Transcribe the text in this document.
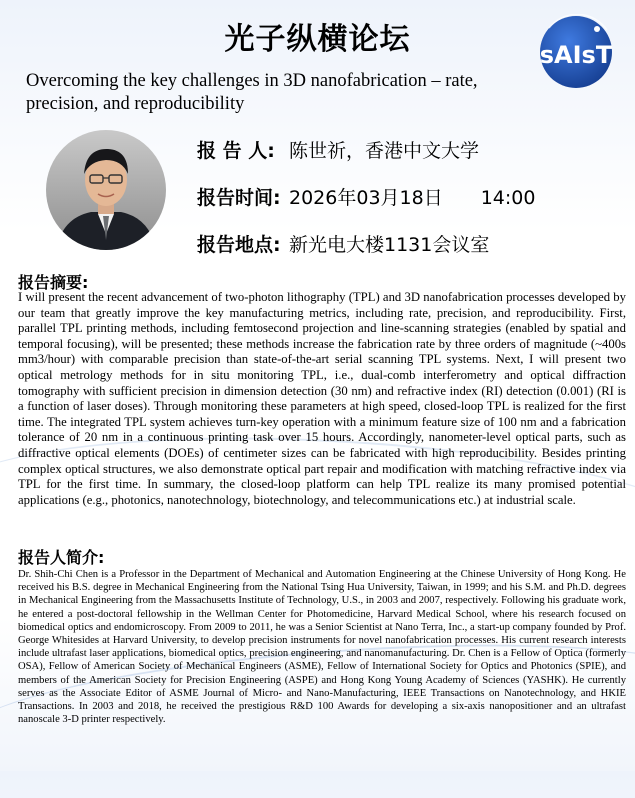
光子纵横论坛	sAIsT
Overcoming the key challenges in 3D nanofabrication – rate, precision, and reproducibility
报 告 人: 陈世祈，香港中文大学
报告时间: 2026年03月18日　　14:00
报告地点: 新光电大楼1131会议室
报告摘要:
I will present the recent advancement of two-photon lithography (TPL) and 3D nanofabrication processes developed by our team that greatly improve the key manufacturing metrics, including rate, precision, and reproducibility. First, parallel TPL printing methods, including femtosecond projection and line-scanning strategies (enabled by spatial and temporal focusing), will be presented; these methods increase the fabrication rate by three orders of magnitude (~400s mm3/hour) with comparable precision than state-of-the-art serial scanning TPL systems. Next, I will present two optical metrology methods for in situ monitoring TPL, i.e., dual-comb interferometry and optical diffraction tomography with sufficient precision in dimension detection (30 nm) and refractive index (RI) detection (0.001) (RI is a function of laser doses). Through monitoring these parameters at high speed, closed-loop TPL is realized for the first time. The integrated TPL system achieves turn-key operation with a minimum feature size of 100 nm and a fabrication tolerance of 20 nm in a continuous printing task over 15 hours. Accordingly, nanometer-level optical parts, such as diffractive optical elements (DOEs) of centimeter sizes can be fabricated with high reproducibility. Besides printing complex optical structures, we also demonstrate optical part repair and modification with matching refractive index via TPL for the first time. In summary, the closed-loop platform can help TPL realize its many promised potential applications (e.g., photonics, nanotechnology, biotechnology, and telecommunications etc.) at industrial scale.
报告人简介:
Dr. Shih-Chi Chen is a Professor in the Department of Mechanical and Automation Engineering at the Chinese University of Hong Kong. He received his B.S. degree in Mechanical Engineering from the National Tsing Hua University, Taiwan, in 1999; and his S.M. and Ph.D. degrees in Mechanical Engineering from the Massachusetts Institute of Technology, U.S., in 2003 and 2007, respectively. Following his graduate work, he entered a post-doctoral fellowship in the Wellman Center for Photomedicine, Harvard Medical School, where his research focused on biomedical optics and endomicroscopy. From 2009 to 2011, he was a Senior Scientist at Nano Terra, Inc., a start-up company founded by Prof. George Whitesides at Harvard University, to develop precision instruments for novel nanofabrication processes. His current research interests include ultrafast laser applications, biomedical optics, precision engineering, and nanomanufacturing. Dr. Chen is a Fellow of Optica (formerly OSA), Fellow of American Society of Mechanical Engineers (ASME), Fellow of International Society for Optics and Photonics (SPIE), and members of the American Society for Precision Engineering (ASPE) and Hong Kong Young Academy of Sciences (YASHK). He currently serves as the Associate Editor of ASME Journal of Micro- and Nano-Manufacturing, IEEE Transactions on Nanotechnology, and HKIE Transactions. In 2003 and 2018, he received the prestigious R&D 100 Awards for developing a six-axis nanopositioner and an ultrafast nanoscale 3-D printer respectively.
